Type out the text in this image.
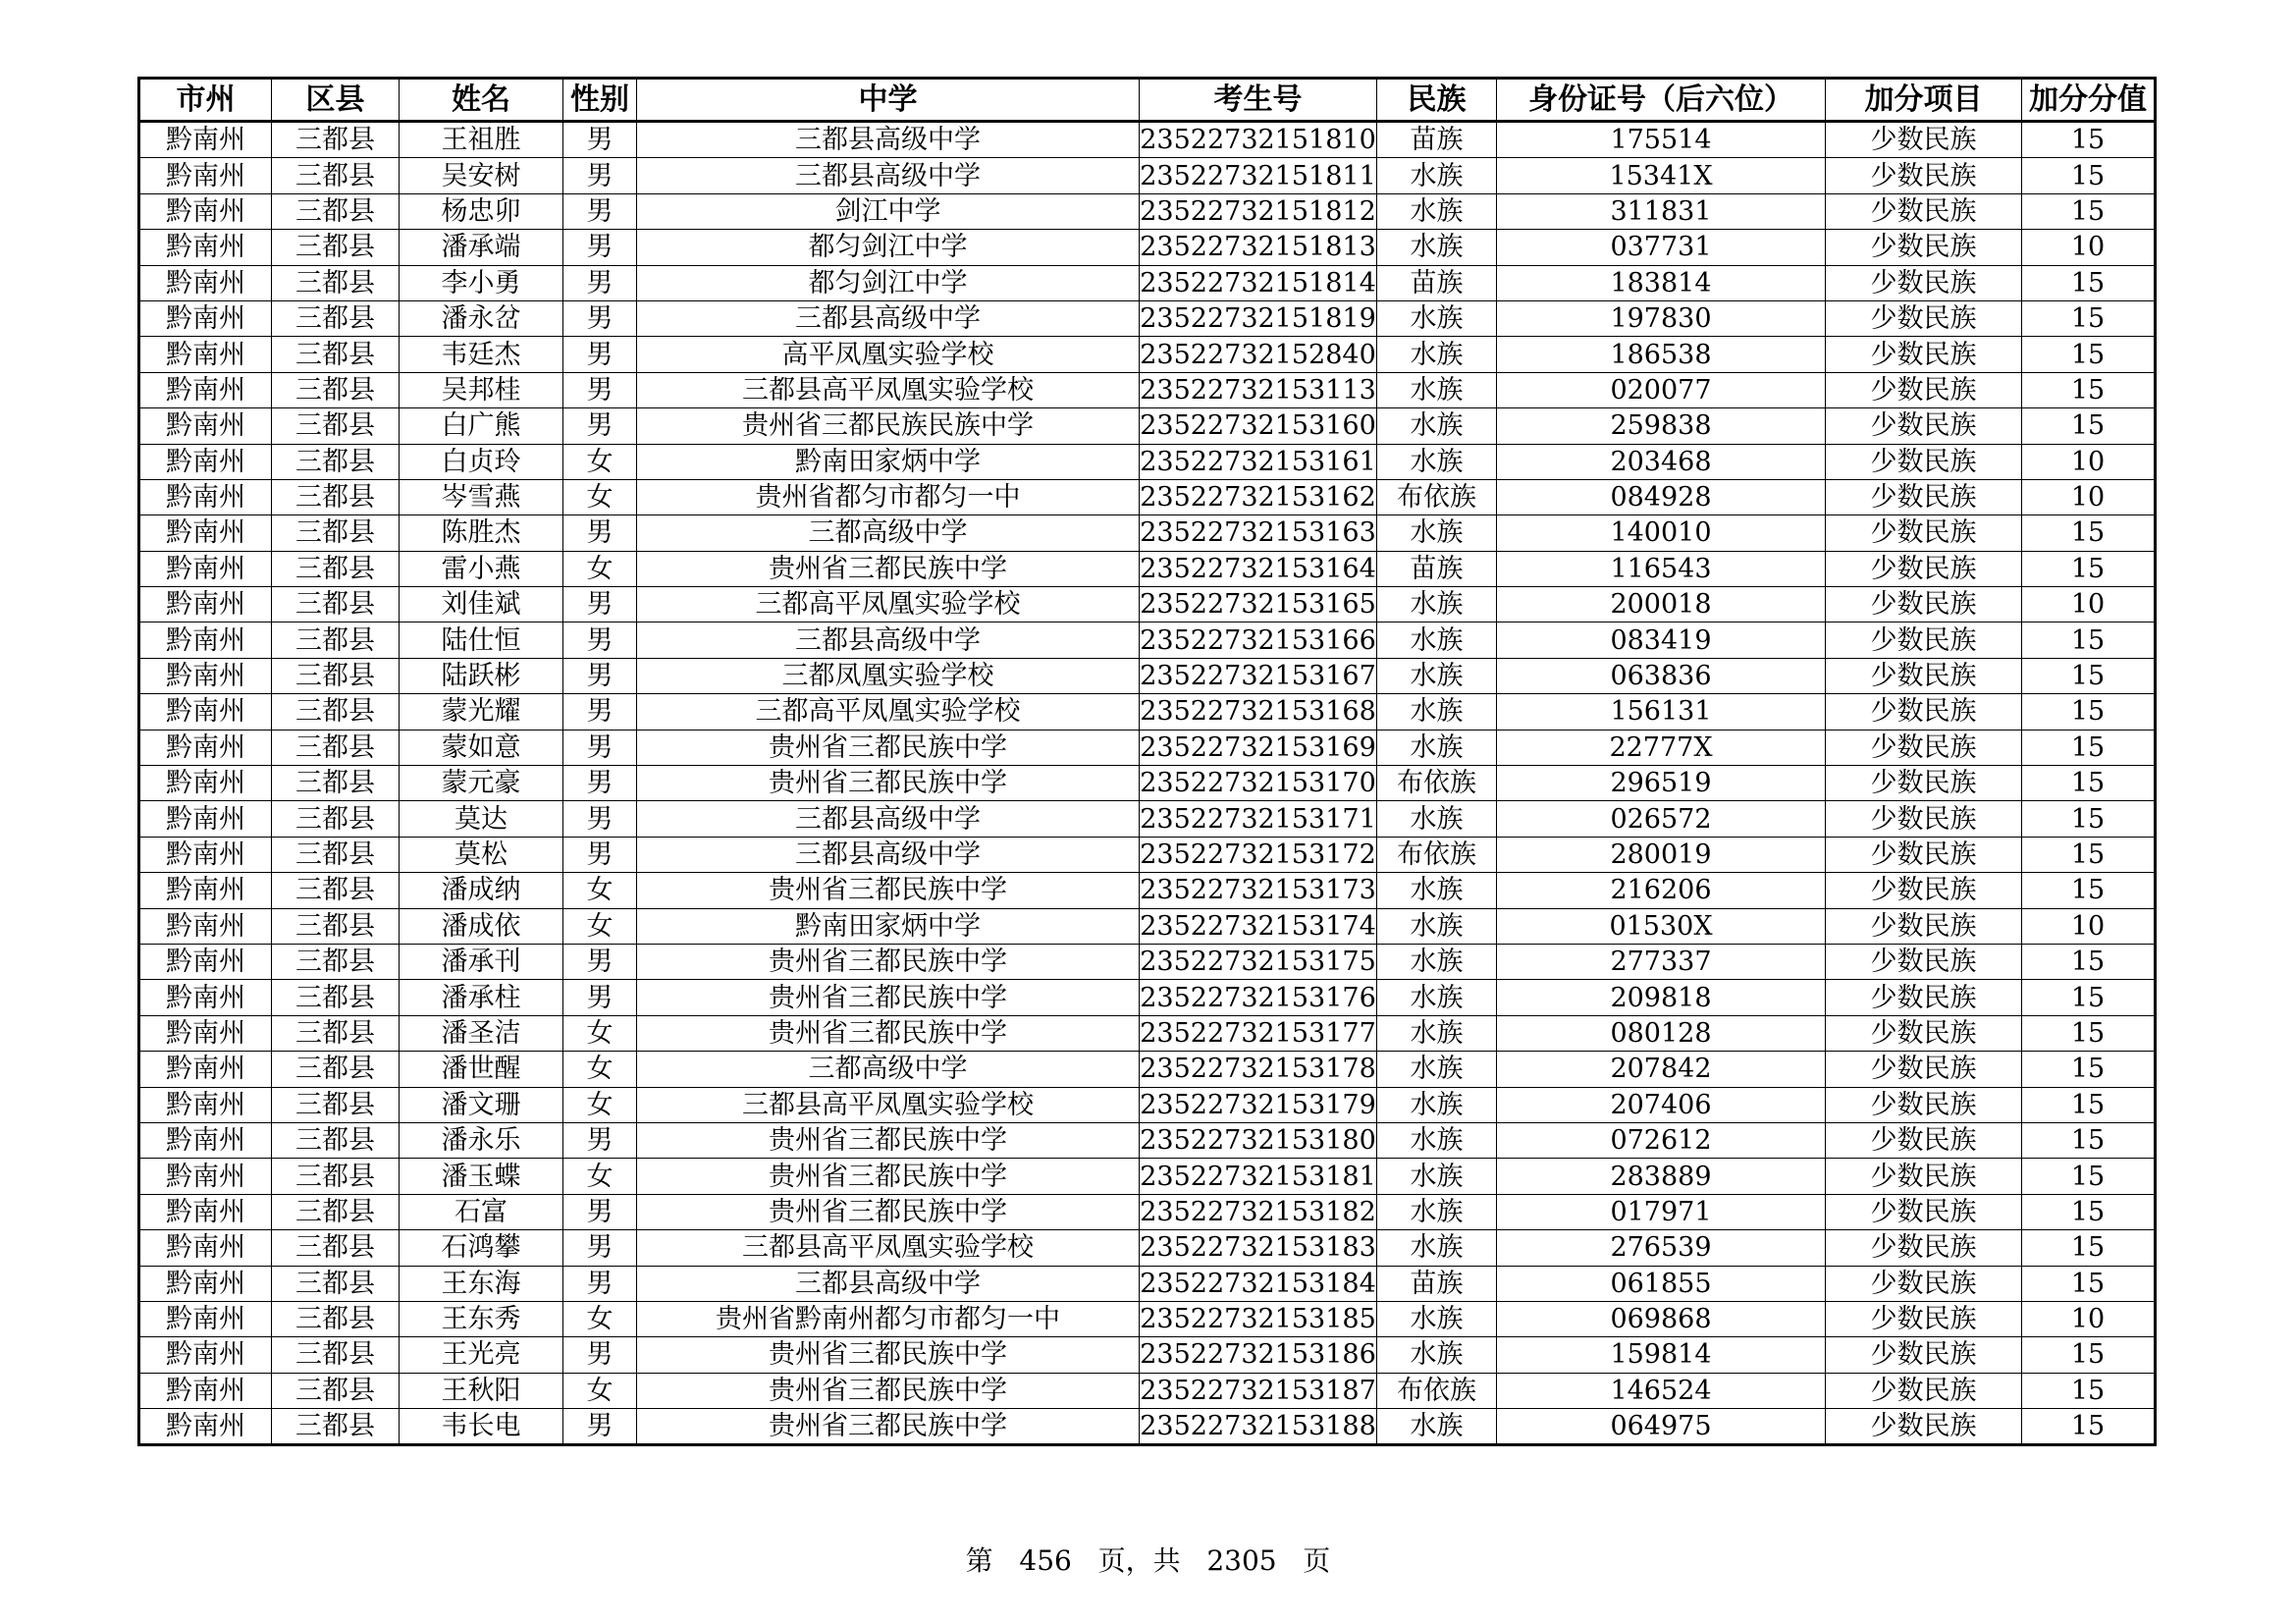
市州	区县	姓名	性别	中学	考生号	民族	身份证号（后六位）	加分项目	加分分值
黔南州	三都县	王祖胜	男	三都县高级中学	23522732151810	苗族	175514	少数民族	15
黔南州	三都县	吴安树	男	三都县高级中学	23522732151811	水族	15341X	少数民族	15
黔南州	三都县	杨忠卯	男	剑江中学	23522732151812	水族	311831	少数民族	15
黔南州	三都县	潘承端	男	都匀剑江中学	23522732151813	水族	037731	少数民族	10
黔南州	三都县	李小勇	男	都匀剑江中学	23522732151814	苗族	183814	少数民族	15
黔南州	三都县	潘永岔	男	三都县高级中学	23522732151819	水族	197830	少数民族	15
黔南州	三都县	韦廷杰	男	高平凤凰实验学校	23522732152840	水族	186538	少数民族	15
黔南州	三都县	吴邦桂	男	三都县高平凤凰实验学校	23522732153113	水族	020077	少数民族	15
黔南州	三都县	白广熊	男	贵州省三都民族民族中学	23522732153160	水族	259838	少数民族	15
黔南州	三都县	白贞玲	女	黔南田家炳中学	23522732153161	水族	203468	少数民族	10
黔南州	三都县	岑雪燕	女	贵州省都匀市都匀一中	23522732153162	布依族	084928	少数民族	10
黔南州	三都县	陈胜杰	男	三都高级中学	23522732153163	水族	140010	少数民族	15
黔南州	三都县	雷小燕	女	贵州省三都民族中学	23522732153164	苗族	116543	少数民族	15
黔南州	三都县	刘佳斌	男	三都高平凤凰实验学校	23522732153165	水族	200018	少数民族	10
黔南州	三都县	陆仕恒	男	三都县高级中学	23522732153166	水族	083419	少数民族	15
黔南州	三都县	陆跃彬	男	三都凤凰实验学校	23522732153167	水族	063836	少数民族	15
黔南州	三都县	蒙光耀	男	三都高平凤凰实验学校	23522732153168	水族	156131	少数民族	15
黔南州	三都县	蒙如意	男	贵州省三都民族中学	23522732153169	水族	22777X	少数民族	15
黔南州	三都县	蒙元豪	男	贵州省三都民族中学	23522732153170	布依族	296519	少数民族	15
黔南州	三都县	莫达	男	三都县高级中学	23522732153171	水族	026572	少数民族	15
黔南州	三都县	莫松	男	三都县高级中学	23522732153172	布依族	280019	少数民族	15
黔南州	三都县	潘成纳	女	贵州省三都民族中学	23522732153173	水族	216206	少数民族	15
黔南州	三都县	潘成依	女	黔南田家炳中学	23522732153174	水族	01530X	少数民族	10
黔南州	三都县	潘承刊	男	贵州省三都民族中学	23522732153175	水族	277337	少数民族	15
黔南州	三都县	潘承柱	男	贵州省三都民族中学	23522732153176	水族	209818	少数民族	15
黔南州	三都县	潘圣洁	女	贵州省三都民族中学	23522732153177	水族	080128	少数民族	15
黔南州	三都县	潘世醒	女	三都高级中学	23522732153178	水族	207842	少数民族	15
黔南州	三都县	潘文珊	女	三都县高平凤凰实验学校	23522732153179	水族	207406	少数民族	15
黔南州	三都县	潘永乐	男	贵州省三都民族中学	23522732153180	水族	072612	少数民族	15
黔南州	三都县	潘玉蝶	女	贵州省三都民族中学	23522732153181	水族	283889	少数民族	15
黔南州	三都县	石富	男	贵州省三都民族中学	23522732153182	水族	017971	少数民族	15
黔南州	三都县	石鸿攀	男	三都县高平凤凰实验学校	23522732153183	水族	276539	少数民族	15
黔南州	三都县	王东海	男	三都县高级中学	23522732153184	苗族	061855	少数民族	15
黔南州	三都县	王东秀	女	贵州省黔南州都匀市都匀一中	23522732153185	水族	069868	少数民族	10
黔南州	三都县	王光亮	男	贵州省三都民族中学	23522732153186	水族	159814	少数民族	15
黔南州	三都县	王秋阳	女	贵州省三都民族中学	23522732153187	布依族	146524	少数民族	15
黔南州	三都县	韦长电	男	贵州省三都民族中学	23522732153188	水族	064975	少数民族	15
第 456 页，共 2305 页
